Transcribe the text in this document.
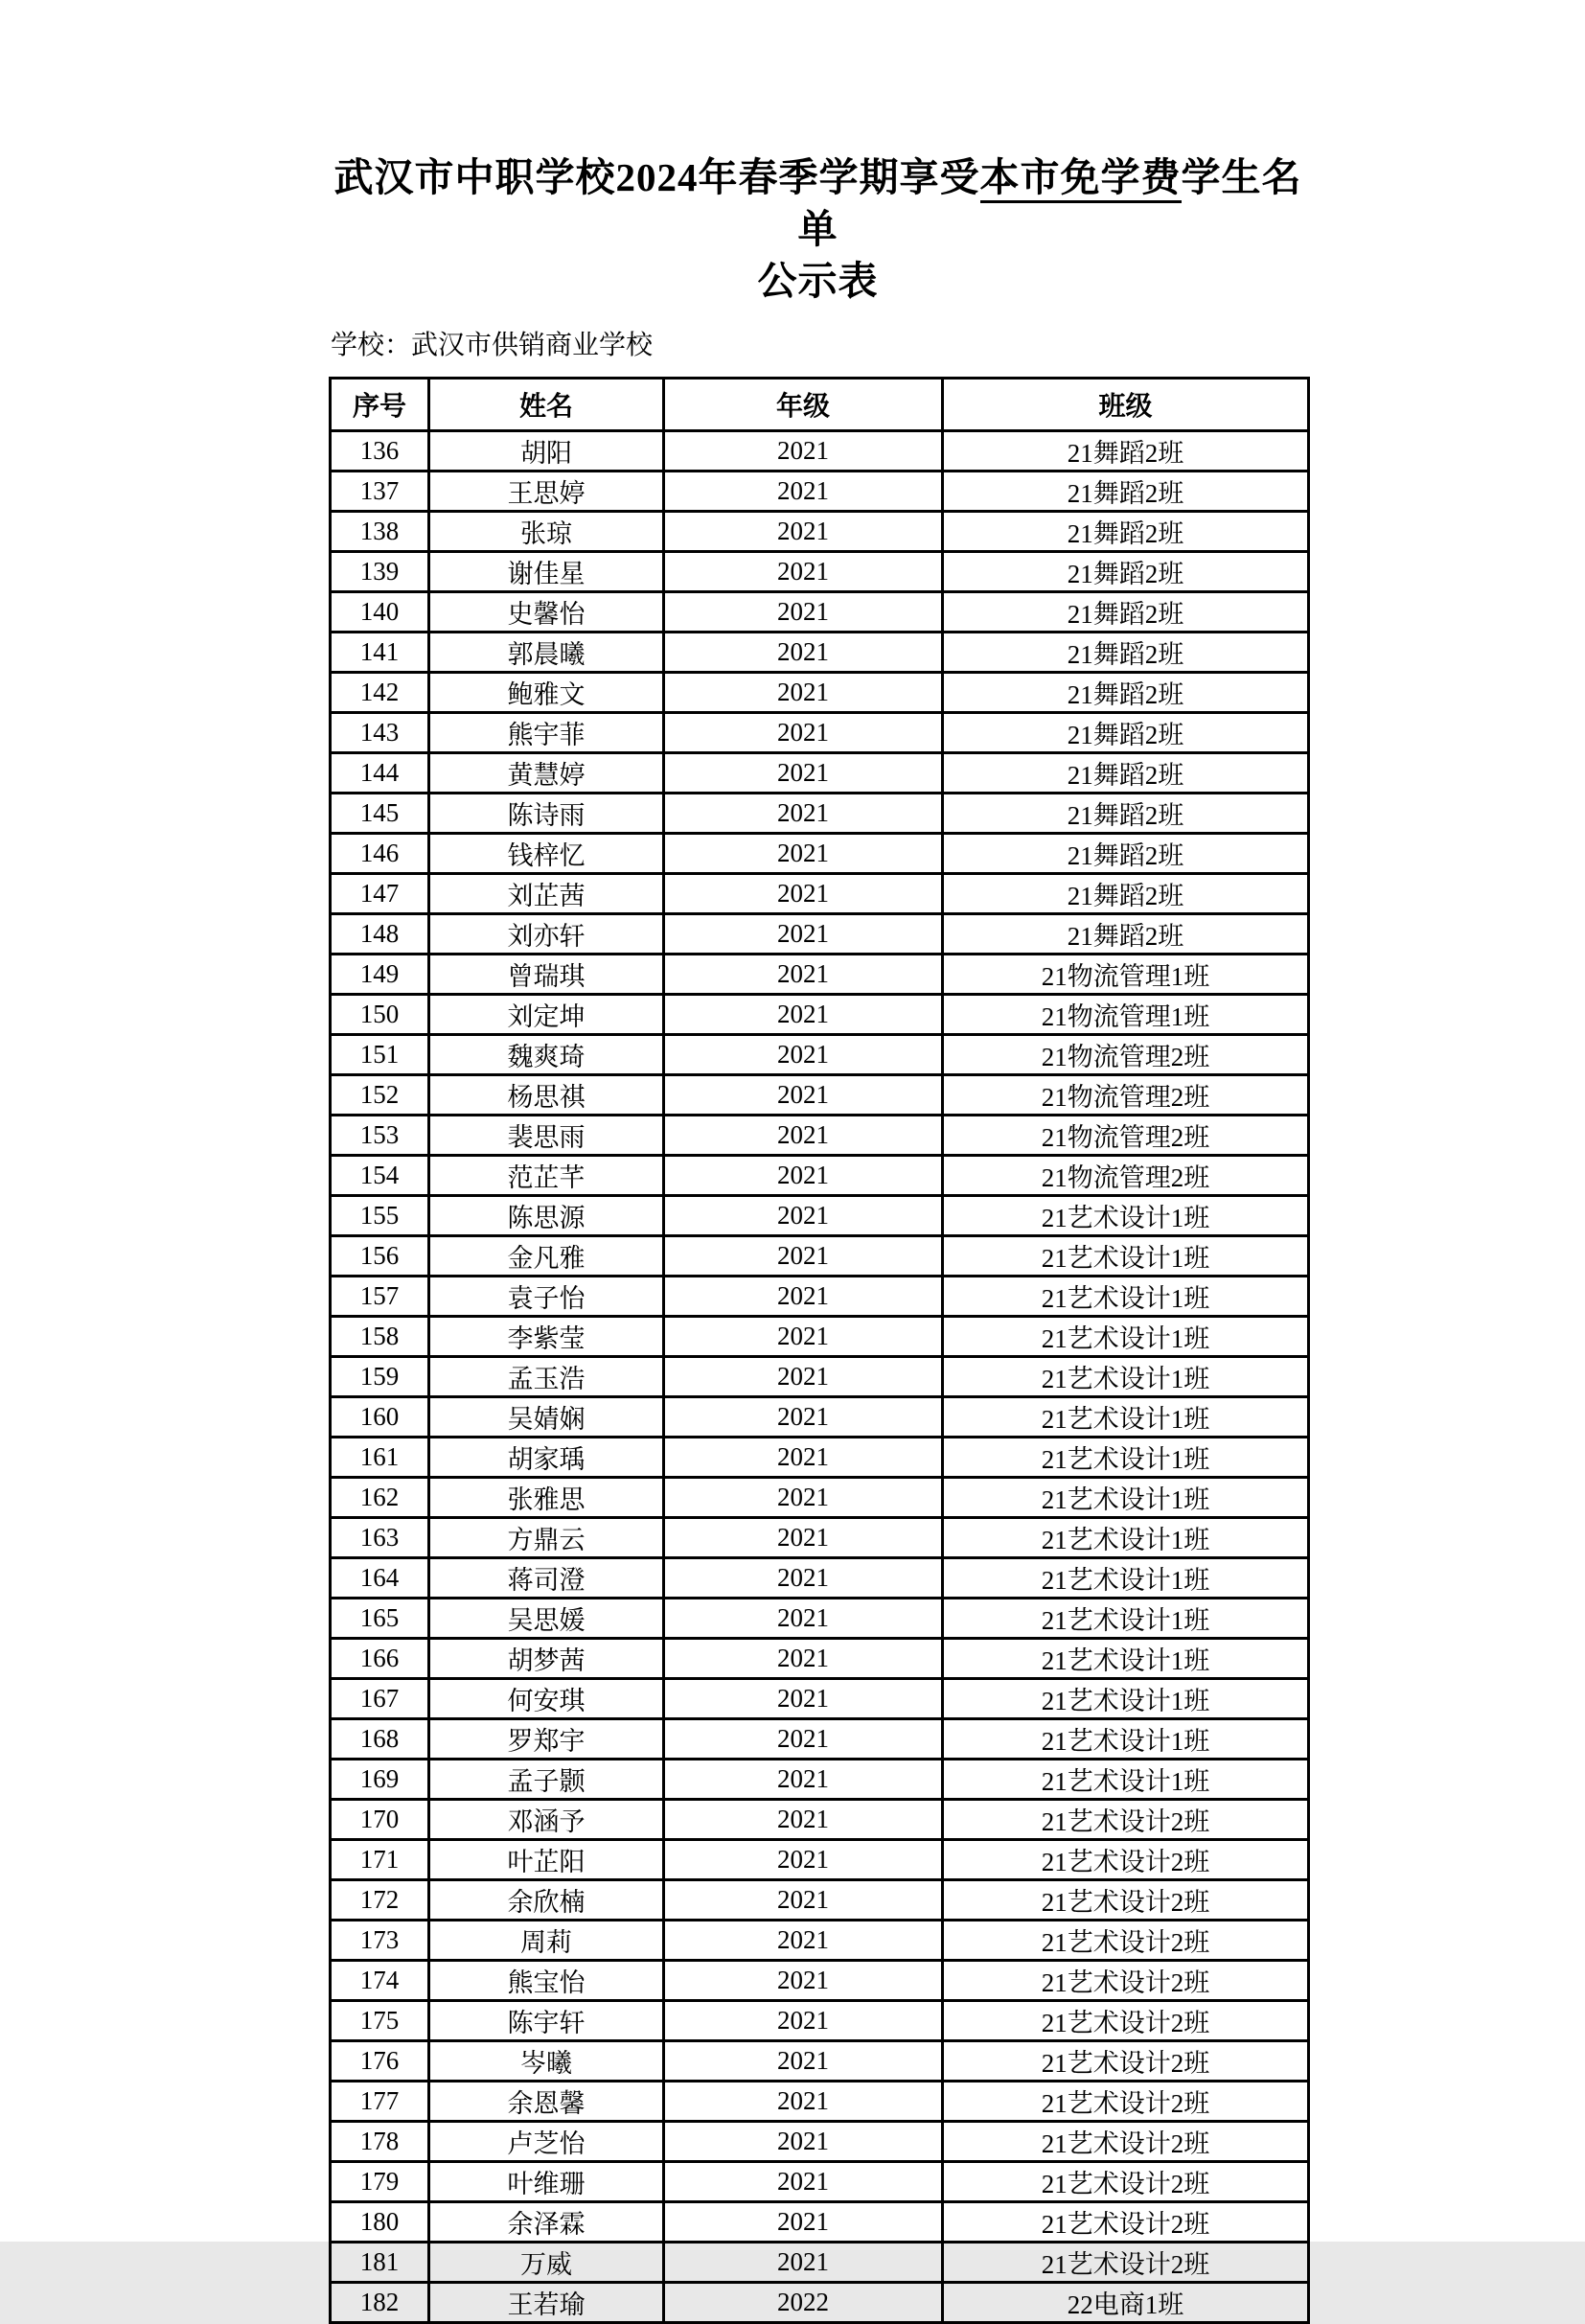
武汉市中职学校2024年春季学期享受本市免学费学生名单
公示表

学校：武汉市供销商业学校

序号	姓名	年级	班级
136	胡阳	2021	21舞蹈2班
137	王思婷	2021	21舞蹈2班
138	张琼	2021	21舞蹈2班
139	谢佳星	2021	21舞蹈2班
140	史馨怡	2021	21舞蹈2班
141	郭晨曦	2021	21舞蹈2班
142	鲍雅文	2021	21舞蹈2班
143	熊宇菲	2021	21舞蹈2班
144	黄慧婷	2021	21舞蹈2班
145	陈诗雨	2021	21舞蹈2班
146	钱梓忆	2021	21舞蹈2班
147	刘芷茜	2021	21舞蹈2班
148	刘亦轩	2021	21舞蹈2班
149	曾瑞琪	2021	21物流管理1班
150	刘定坤	2021	21物流管理1班
151	魏爽琦	2021	21物流管理2班
152	杨思祺	2021	21物流管理2班
153	裴思雨	2021	21物流管理2班
154	范芷芊	2021	21物流管理2班
155	陈思源	2021	21艺术设计1班
156	金凡雅	2021	21艺术设计1班
157	袁子怡	2021	21艺术设计1班
158	李紫莹	2021	21艺术设计1班
159	孟玉浩	2021	21艺术设计1班
160	吴婧娴	2021	21艺术设计1班
161	胡家瑀	2021	21艺术设计1班
162	张雅思	2021	21艺术设计1班
163	方鼎云	2021	21艺术设计1班
164	蒋司澄	2021	21艺术设计1班
165	吴思媛	2021	21艺术设计1班
166	胡梦茜	2021	21艺术设计1班
167	何安琪	2021	21艺术设计1班
168	罗郑宇	2021	21艺术设计1班
169	孟子颢	2021	21艺术设计1班
170	邓涵予	2021	21艺术设计2班
171	叶芷阳	2021	21艺术设计2班
172	余欣楠	2021	21艺术设计2班
173	周莉	2021	21艺术设计2班
174	熊宝怡	2021	21艺术设计2班
175	陈宇轩	2021	21艺术设计2班
176	岑曦	2021	21艺术设计2班
177	余恩馨	2021	21艺术设计2班
178	卢芝怡	2021	21艺术设计2班
179	叶维珊	2021	21艺术设计2班
180	余泽霖	2021	21艺术设计2班
181	万威	2021	21艺术设计2班
182	王若瑜	2022	22电商1班
